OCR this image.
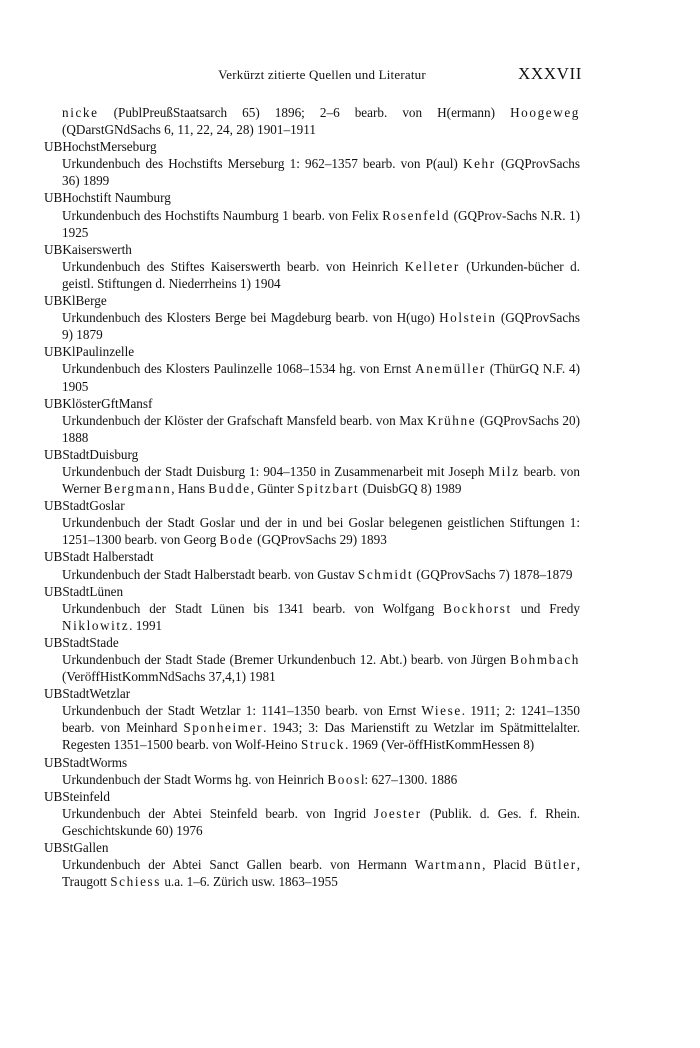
Verkürzt zitierte Quellen und Literatur	XXXVII
nicke (PublPreußStaatsarch 65) 1896; 2–6 bearb. von H(ermann) Hoogeweg (QDarstGNdSachs 6, 11, 22, 24, 28) 1901–1911
UBHochstMerseburg
Urkundenbuch des Hochstifts Merseburg 1: 962–1357 bearb. von P(aul) Kehr (GQProvSachs 36) 1899
UBHochstift Naumburg
Urkundenbuch des Hochstifts Naumburg 1 bearb. von Felix Rosenfeld (GQProv-Sachs N.R. 1) 1925
UBKaiserswerth
Urkundenbuch des Stiftes Kaiserswerth bearb. von Heinrich Kelleter (Urkunden-bücher d. geistl. Stiftungen d. Niederrheins 1) 1904
UBKlBerge
Urkundenbuch des Klosters Berge bei Magdeburg bearb. von H(ugo) Holstein (GQProvSachs 9) 1879
UBKlPaulinzelle
Urkundenbuch des Klosters Paulinzelle 1068–1534 hg. von Ernst Anemüller (ThürGQ N.F. 4) 1905
UBKlösterGftMansf
Urkundenbuch der Klöster der Grafschaft Mansfeld bearb. von Max Krühne (GQProvSachs 20) 1888
UBStadtDuisburg
Urkundenbuch der Stadt Duisburg 1: 904–1350 in Zusammenarbeit mit Joseph Milz bearb. von Werner Bergmann, Hans Budde, Günter Spitzbart (DuisbGQ 8) 1989
UBStadtGoslar
Urkundenbuch der Stadt Goslar und der in und bei Goslar belegenen geistlichen Stiftungen 1: 1251–1300 bearb. von Georg Bode (GQProvSachs 29) 1893
UBStadt Halberstadt
Urkundenbuch der Stadt Halberstadt bearb. von Gustav Schmidt (GQProvSachs 7) 1878–1879
UBStadtLünen
Urkundenbuch der Stadt Lünen bis 1341 bearb. von Wolfgang Bockhorst und Fredy Niklowitz. 1991
UBStadtStade
Urkundenbuch der Stadt Stade (Bremer Urkundenbuch 12. Abt.) bearb. von Jürgen Bohmbach (VeröffHistKommNdSachs 37,4,1) 1981
UBStadtWetzlar
Urkundenbuch der Stadt Wetzlar 1: 1141–1350 bearb. von Ernst Wiese. 1911; 2: 1241–1350 bearb. von Meinhard Sponheimer. 1943; 3: Das Marienstift zu Wetzlar im Spätmittelalter. Regesten 1351–1500 bearb. von Wolf-Heino Struck. 1969 (Ver-öffHistKommHessen 8)
UBStadtWorms
Urkundenbuch der Stadt Worms hg. von Heinrich Boosl: 627–1300. 1886
UBSteinfeld
Urkundenbuch der Abtei Steinfeld bearb. von Ingrid Joester (Publik. d. Ges. f. Rhein. Geschichtskunde 60) 1976
UBStGallen
Urkundenbuch der Abtei Sanct Gallen bearb. von Hermann Wartmann, Placid Bütler, Traugott Schiess u.a. 1–6. Zürich usw. 1863–1955
